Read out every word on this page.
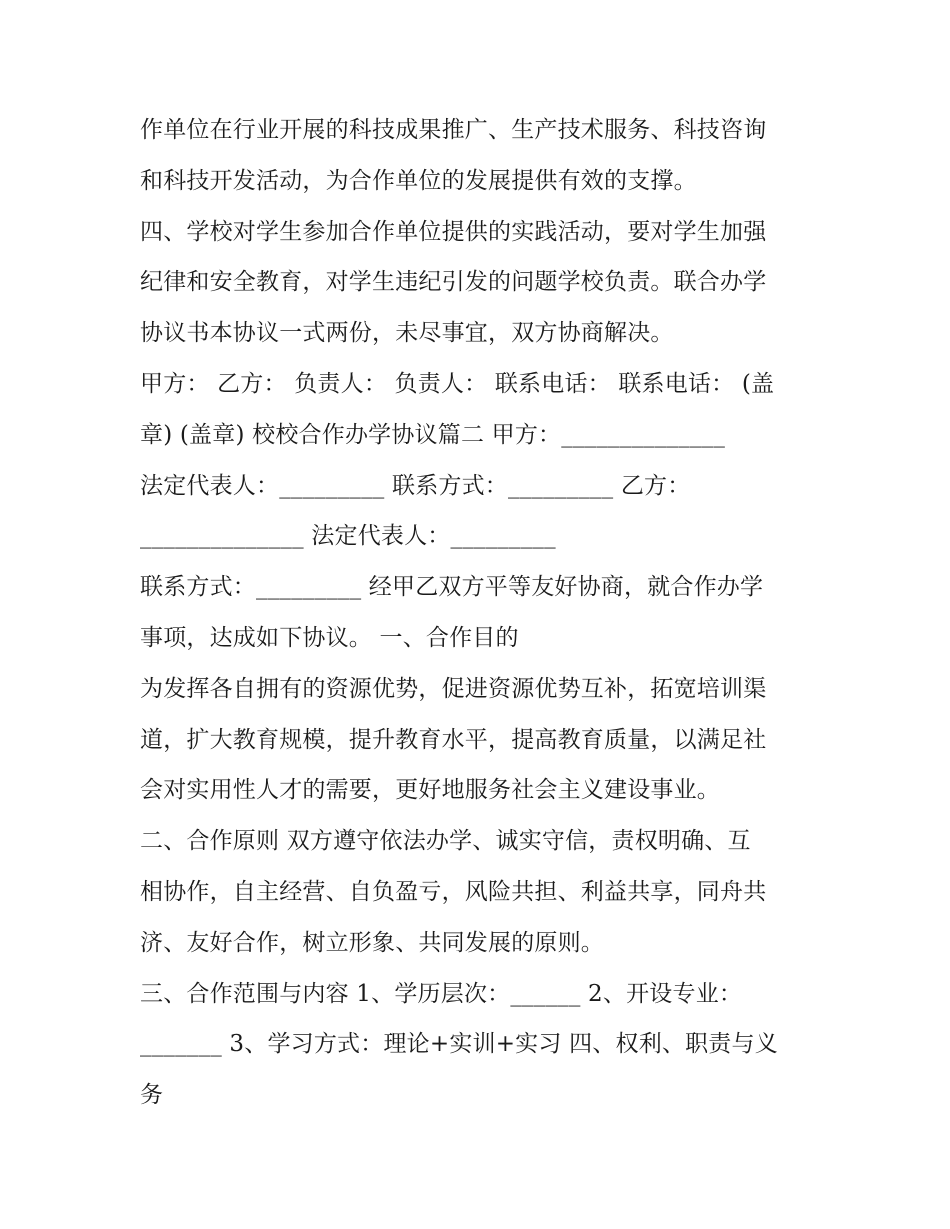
作单位在行业开展的科技成果推广、生产技术服务、科技咨询
和科技开发活动，为合作单位的发展提供有效的支撑。
四、学校对学生参加合作单位提供的实践活动，要对学生加强
纪律和安全教育，对学生违纪引发的问题学校负责。联合办学
协议书本协议一式两份，未尽事宜，双方协商解决。
甲方： 乙方： 负责人： 负责人： 联系电话： 联系电话： (盖
章) (盖章) 校校合作办学协议篇二 甲方：______________
法定代表人：_________ 联系方式：_________ 乙方：
______________ 法定代表人：_________
联系方式：_________ 经甲乙双方平等友好协商，就合作办学
事项，达成如下协议。 一、合作目的
为发挥各自拥有的资源优势，促进资源优势互补，拓宽培训渠
道，扩大教育规模，提升教育水平，提高教育质量，以满足社
会对实用性人才的需要，更好地服务社会主义建设事业。
二、合作原则 双方遵守依法办学、诚实守信，责权明确、互
相协作，自主经营、自负盈亏，风险共担、利益共享，同舟共
济、友好合作，树立形象、共同发展的原则。
三、合作范围与内容 1、学历层次：______ 2、开设专业：
_______ 3、学习方式：理论+实训+实习 四、权利、职责与义
务
